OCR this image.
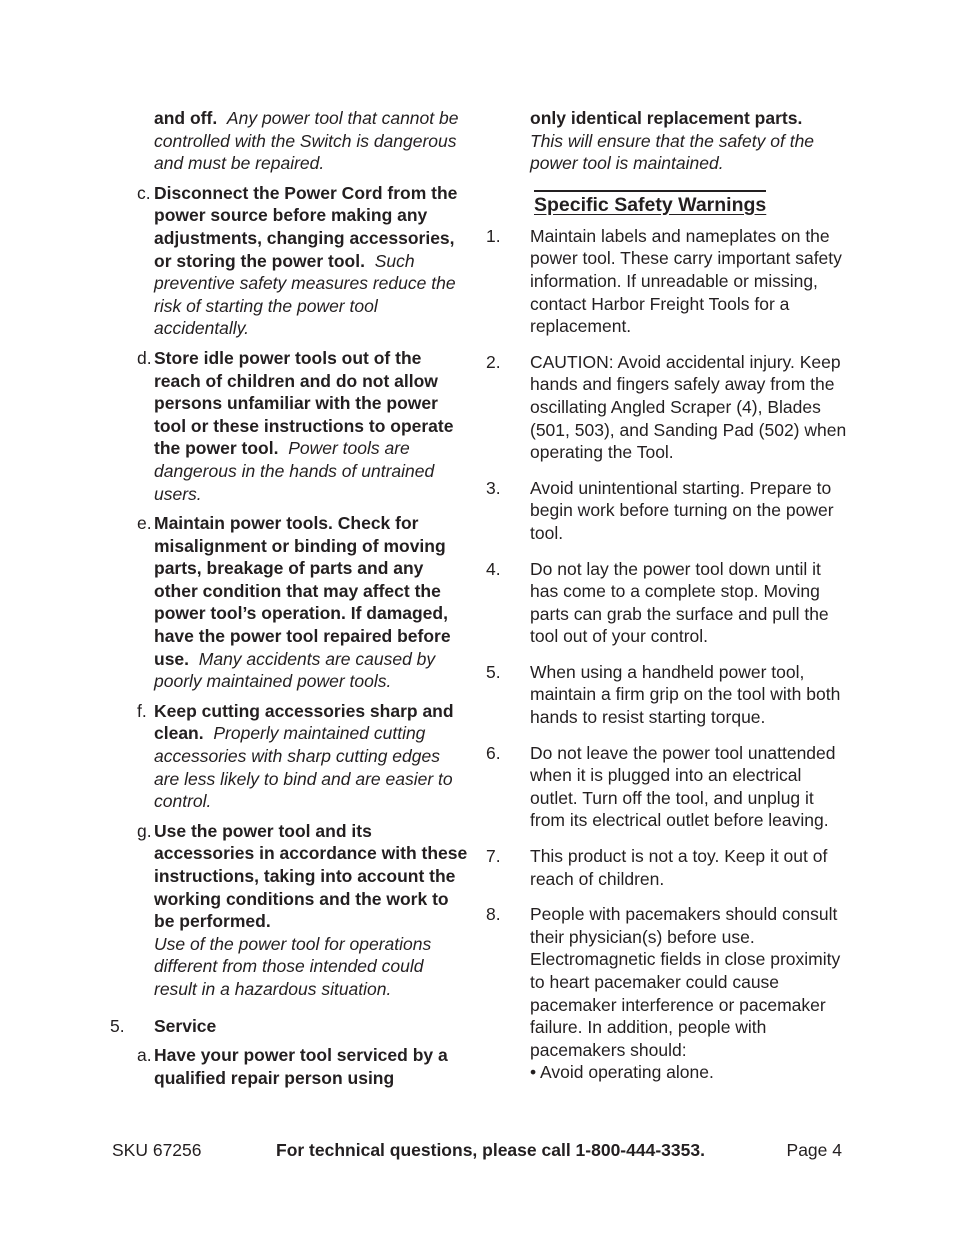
and off. Any power tool that cannot be controlled with the Switch is dangerous and must be repaired.
c. Disconnect the Power Cord from the power source before making any adjustments, changing accessories, or storing the power tool. Such preventive safety measures reduce the risk of starting the power tool accidentally.
d. Store idle power tools out of the reach of children and do not allow persons unfamiliar with the power tool or these instructions to operate the power tool. Power tools are dangerous in the hands of untrained users.
e. Maintain power tools. Check for misalignment or binding of moving parts, breakage of parts and any other condition that may affect the power tool’s operation. If damaged, have the power tool repaired before use. Many accidents are caused by poorly maintained power tools.
f. Keep cutting accessories sharp and clean. Properly maintained cutting accessories with sharp cutting edges are less likely to bind and are easier to control.
g. Use the power tool and its accessories in accordance with these instructions, taking into account the working conditions and the work to be performed.
Use of the power tool for operations different from those intended could result in a hazardous situation.
5. Service
a. Have your power tool serviced by a qualified repair person using
only identical replacement parts.
This will ensure that the safety of the power tool is maintained.
Specific Safety Warnings
1. Maintain labels and nameplates on the power tool. These carry important safety information. If unreadable or missing, contact Harbor Freight Tools for a replacement.
2. CAUTION: Avoid accidental injury. Keep hands and fingers safely away from the oscillating Angled Scraper (4), Blades (501, 503), and Sanding Pad (502) when operating the Tool.
3. Avoid unintentional starting. Prepare to begin work before turning on the power tool.
4. Do not lay the power tool down until it has come to a complete stop. Moving parts can grab the surface and pull the tool out of your control.
5. When using a handheld power tool, maintain a firm grip on the tool with both hands to resist starting torque.
6. Do not leave the power tool unattended when it is plugged into an electrical outlet. Turn off the tool, and unplug it from its electrical outlet before leaving.
7. This product is not a toy. Keep it out of reach of children.
8. People with pacemakers should consult their physician(s) before use. Electromagnetic fields in close proximity to heart pacemaker could cause pacemaker interference or pacemaker failure. In addition, people with pacemakers should:
• Avoid operating alone.
SKU 67256	For technical questions, please call 1-800-444-3353.	Page 4
